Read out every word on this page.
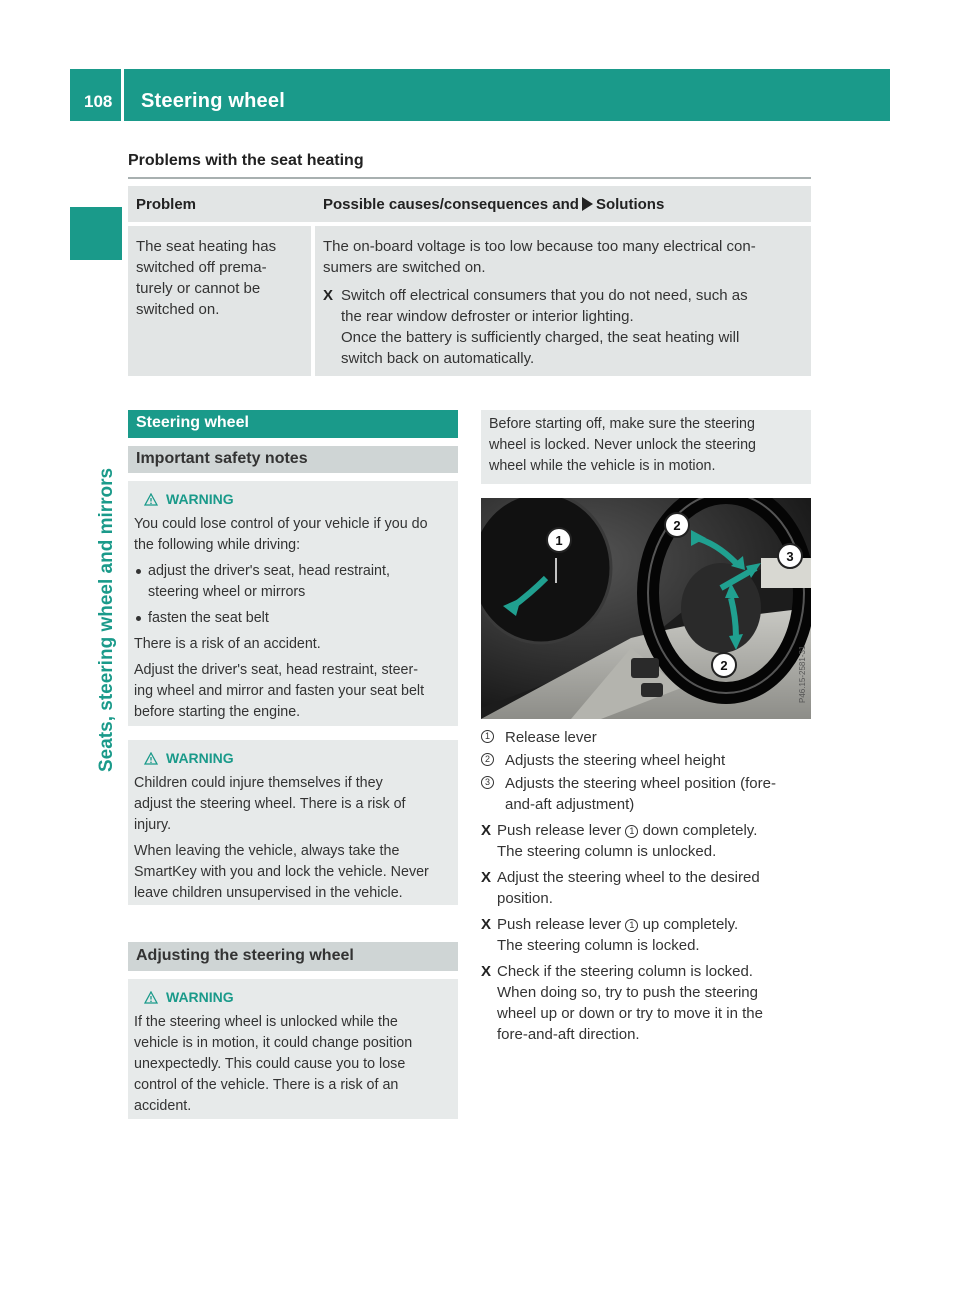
108 Steering wheel
Seats, steering wheel and mirrors
Problems with the seat heating
Problem	Possible causes/consequences and Solutions
The seat heating has
switched off prema-
turely or cannot be
switched on.
The on-board voltage is too low because too many electrical con-
sumers are switched on.
X Switch off electrical consumers that you do not need, such as
the rear window defroster or interior lighting.
Once the battery is sufficiently charged, the seat heating will
switch back on automatically.
Steering wheel
Important safety notes
WARNING
You could lose control of your vehicle if you do
the following while driving:
adjust the driver's seat, head restraint,
steering wheel or mirrors
fasten the seat belt
There is a risk of an accident.
Adjust the driver's seat, head restraint, steer-
ing wheel and mirror and fasten your seat belt
before starting the engine.
WARNING
Children could injure themselves if they
adjust the steering wheel. There is a risk of
injury.
When leaving the vehicle, always take the
SmartKey with you and lock the vehicle. Never
leave children unsupervised in the vehicle.
Adjusting the steering wheel
WARNING
If the steering wheel is unlocked while the
vehicle is in motion, it could change position
unexpectedly. This could cause you to lose
control of the vehicle. There is a risk of an
accident.
Before starting off, make sure the steering
wheel is locked. Never unlock the steering
wheel while the vehicle is in motion.
1
2
3
2	P46.15-2581-31
1 Release lever
2 Adjusts the steering wheel height
3 Adjusts the steering wheel position (fore-
and-aft adjustment)
X Push release lever 1 down completely.
The steering column is unlocked.
X Adjust the steering wheel to the desired
position.
X Push release lever 1 up completely.
The steering column is locked.
X Check if the steering column is locked.
When doing so, try to push the steering
wheel up or down or try to move it in the
fore-and-aft direction.
